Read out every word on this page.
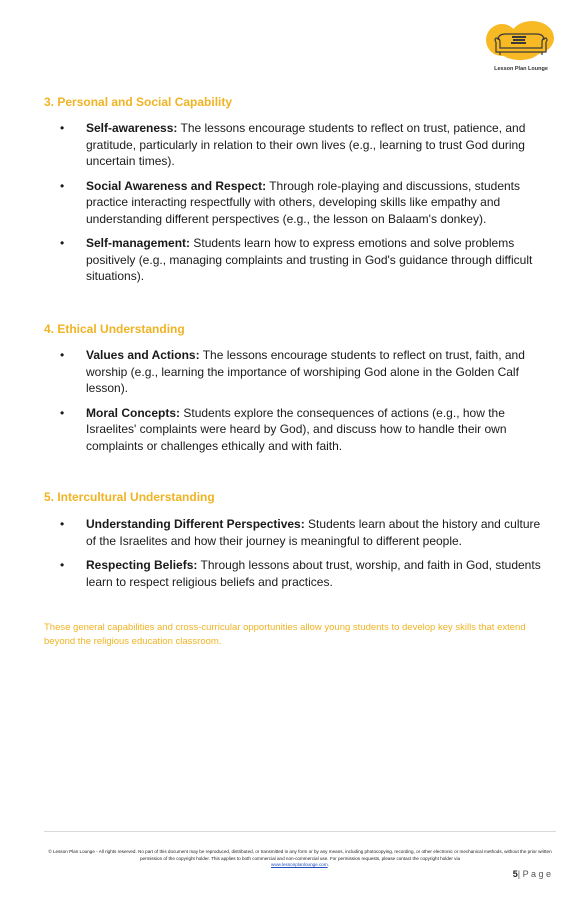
Lesson Plan Lounge
3. Personal and Social Capability
• Self-awareness: The lessons encourage students to reflect on trust, patience, and gratitude, particularly in relation to their own lives (e.g., learning to trust God during uncertain times).
• Social Awareness and Respect: Through role-playing and discussions, students practice interacting respectfully with others, developing skills like empathy and understanding different perspectives (e.g., the lesson on Balaam's donkey).
• Self-management: Students learn how to express emotions and solve problems positively (e.g., managing complaints and trusting in God's guidance through difficult situations).
4. Ethical Understanding
• Values and Actions: The lessons encourage students to reflect on trust, faith, and worship (e.g., learning the importance of worshiping God alone in the Golden Calf lesson).
• Moral Concepts: Students explore the consequences of actions (e.g., how the Israelites' complaints were heard by God), and discuss how to handle their own complaints or challenges ethically and with faith.
5. Intercultural Understanding
• Understanding Different Perspectives: Students learn about the history and culture of the Israelites and how their journey is meaningful to different people.
• Respecting Beliefs: Through lessons about trust, worship, and faith in God, students learn to respect religious beliefs and practices.
These general capabilities and cross-curricular opportunities allow young students to develop key skills that extend beyond the religious education classroom.
© Lesson Plan Lounge - All rights reserved. No part of this document may be reproduced, distributed, or transmitted in any form or by any means, including photocopying, recording, or other electronic or mechanical methods, without the prior written permission of the copyright holder. This applies to both commercial and non-commercial use. For permission requests, please contact the copyright holder via
www.lessonplanlounge.com.
5| P a g e
